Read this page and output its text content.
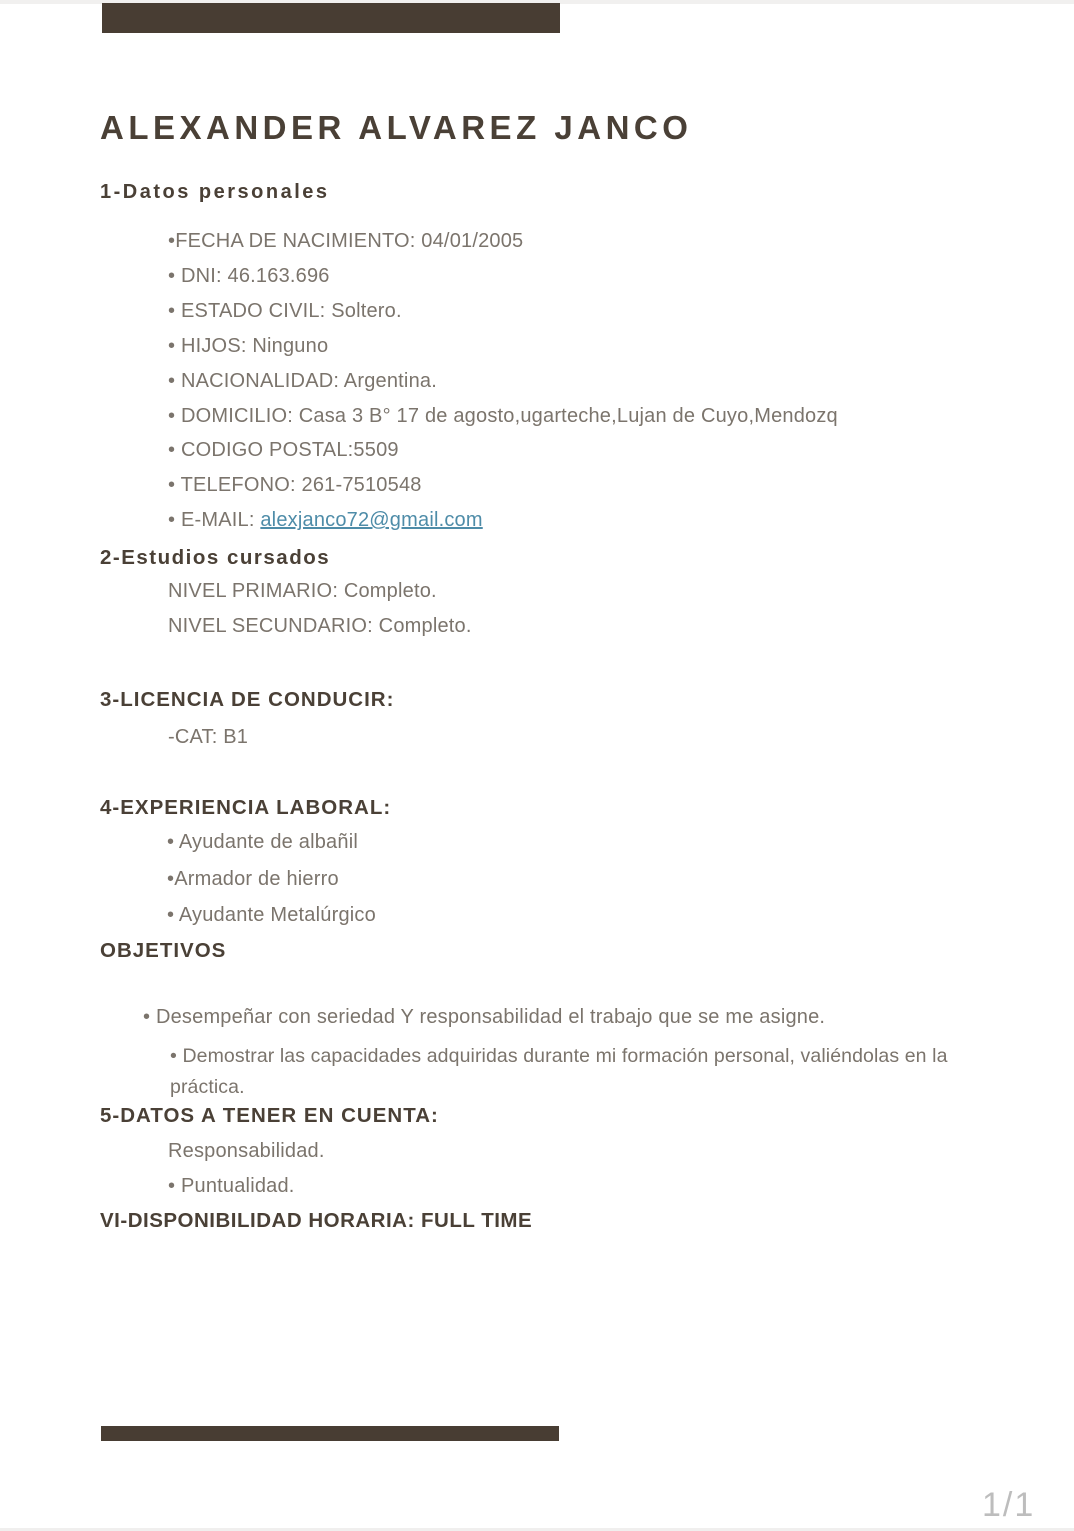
ALEXANDER ALVAREZ JANCO
1-Datos personales
•FECHA DE NACIMIENTO: 04/01/2005
• DNI: 46.163.696
• ESTADO CIVIL: Soltero.
• HIJOS: Ninguno
• NACIONALIDAD: Argentina.
• DOMICILIO: Casa 3 B° 17 de agosto,ugarteche,Lujan de Cuyo,Mendozq
• CODIGO POSTAL:5509
• TELEFONO: 261-7510548
• E-MAIL: alexjanco72@gmail.com
2-Estudios cursados
NIVEL PRIMARIO: Completo.
NIVEL SECUNDARIO: Completo.
3-LICENCIA DE CONDUCIR:
-CAT: B1
4-EXPERIENCIA LABORAL:
• Ayudante de albañil
•Armador de hierro
• Ayudante Metalúrgico
OBJETIVOS
• Desempeñar con seriedad Y responsabilidad el trabajo que se me asigne.
• Demostrar las capacidades adquiridas durante mi formación personal, valiéndolas en la práctica.
5-DATOS A TENER EN CUENTA:
Responsabilidad.
• Puntualidad.
VI-DISPONIBILIDAD HORARIA: FULL TIME
1/1
